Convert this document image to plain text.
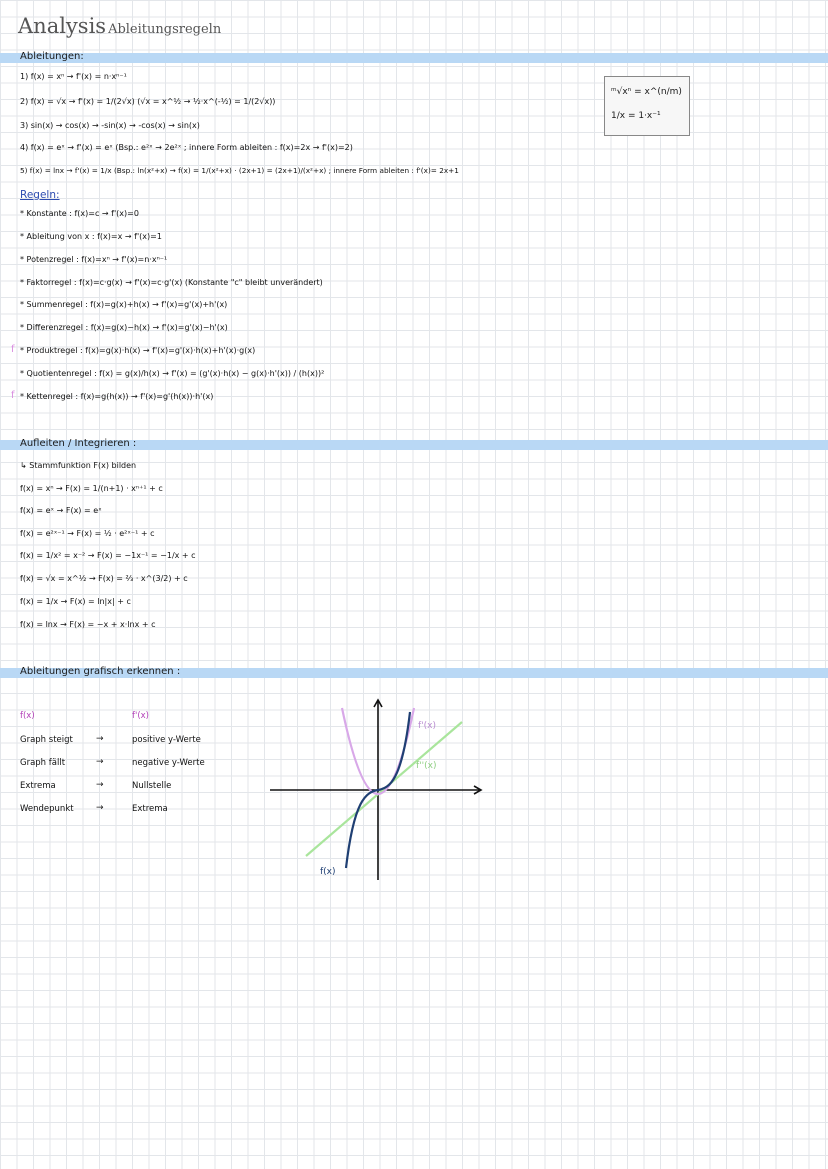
Analysis Ableitungsregeln
Ableitungen:
1) f(x) = xⁿ → f'(x) = n·xⁿ⁻¹
2) f(x) = √x → f'(x) = 1/(2√x) (√x = x^½ → ½·x^(-½) = 1/(2√x))
3) sin(x) → cos(x) → -sin(x) → -cos(x) → sin(x)
4) f(x) = eˣ → f'(x) = eˣ (Bsp.: e²ˣ → 2e²ˣ ; innere Form ableiten : f(x)=2x → f'(x)=2)
5) f(x) = lnx → f'(x) = 1/x (Bsp.: ln(x²+x) → f(x) = 1/(x²+x) · (2x+1) = (2x+1)/(x²+x) ; innere Form ableiten : f'(x)= 2x+1
ᵐ√xⁿ = x^(n/m)
1/x = 1·x⁻¹
Regeln:
* Konstante : f(x)=c → f'(x)=0
* Ableitung von x : f(x)=x → f'(x)=1
* Potenzregel : f(x)=xⁿ → f'(x)=n·xⁿ⁻¹
* Faktorregel : f(x)=c·g(x) → f'(x)=c·g'(x) (Konstante "c" bleibt unverändert)
* Summenregel : f(x)=g(x)+h(x) → f'(x)=g'(x)+h'(x)
* Differenzregel : f(x)=g(x)−h(x) → f'(x)=g'(x)−h'(x)
f * Produktregel : f(x)=g(x)·h(x) → f'(x)=g'(x)·h(x)+h'(x)·g(x)
* Quotientenregel : f(x) = g(x)/h(x) → f'(x) = (g'(x)·h(x) − g(x)·h'(x)) / (h(x))²
f * Kettenregel : f(x)=g(h(x)) → f'(x)=g'(h(x))·h'(x)
Aufleiten / Integrieren :
↳ Stammfunktion F(x) bilden
f(x) = xⁿ → F(x) = 1/(n+1) · xⁿ⁺¹ + c
f(x) = eˣ → F(x) = eˣ
f(x) = e²ˣ⁻¹ → F(x) = ½ · e²ˣ⁻¹ + c
f(x) = 1/x² = x⁻² → F(x) = −1x⁻¹ = −1/x + c
f(x) = √x = x^½ → F(x) = ⅔ · x^(3/2) + c
f(x) = 1/x → F(x) = ln|x| + c
f(x) = lnx → F(x) = −x + x·lnx + c
Ableitungen grafisch erkennen :
f(x)	f'(x)
Graph steigt	→	positive y-Werte
Graph fällt	→	negative y-Werte
Extrema	→	Nullstelle
Wendepunkt →	Extrema
f'(x)
f''(x)
f(x)
